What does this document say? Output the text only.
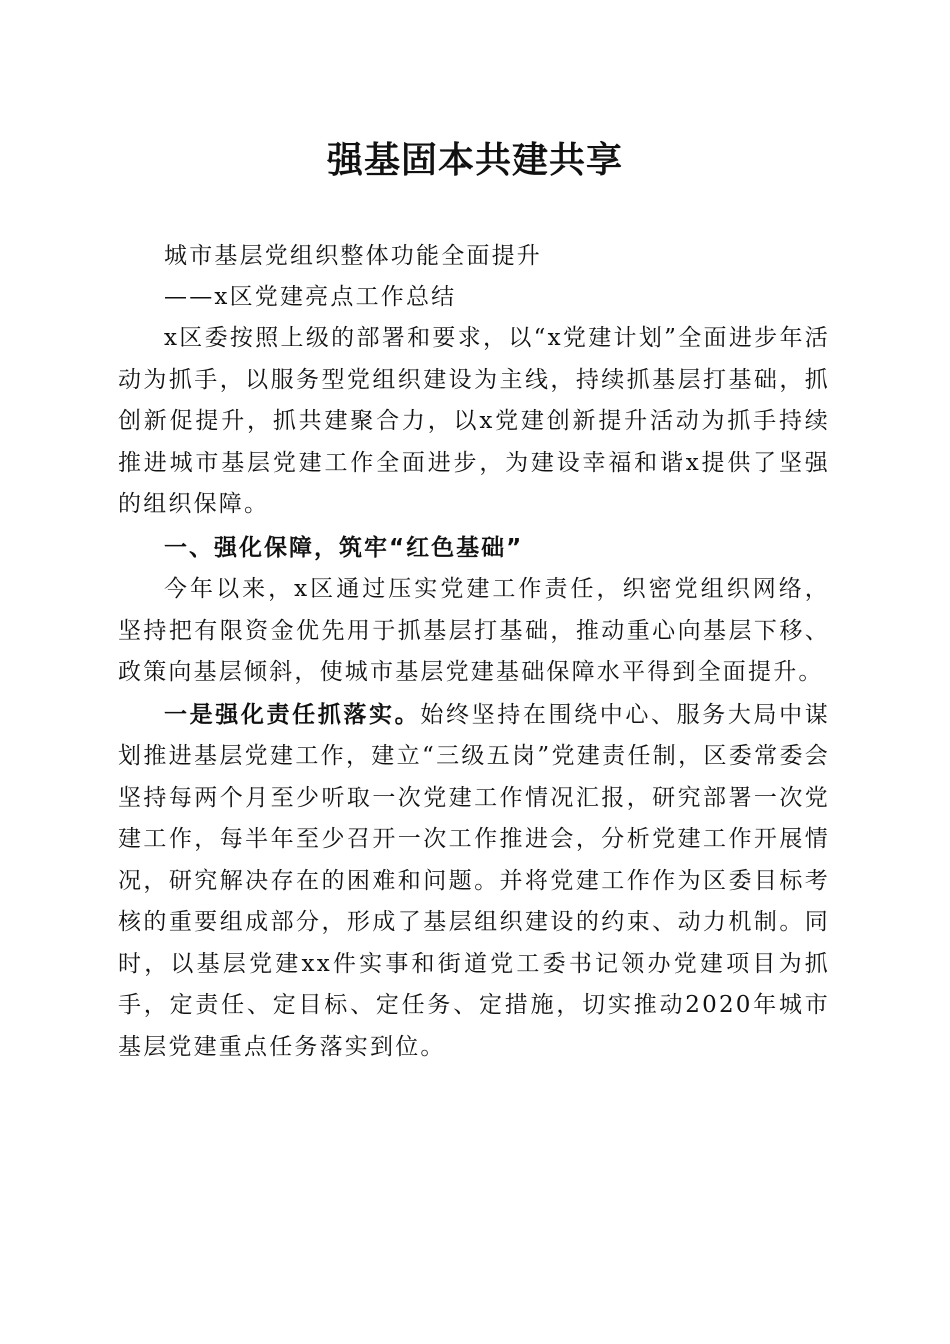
强基固本共建共享

城市基层党组织整体功能全面提升

——x区党建亮点工作总结

x区委按照上级的部署和要求，以“x党建计划”全面进步年活动为抓手，以服务型党组织建设为主线，持续抓基层打基础，抓创新促提升，抓共建聚合力，以x党建创新提升活动为抓手持续推进城市基层党建工作全面进步，为建设幸福和谐x提供了坚强的组织保障。

一、强化保障，筑牢“红色基础”

今年以来，x区通过压实党建工作责任，织密党组织网络，坚持把有限资金优先用于抓基层打基础，推动重心向基层下移、政策向基层倾斜，使城市基层党建基础保障水平得到全面提升。

一是强化责任抓落实。始终坚持在围绕中心、服务大局中谋划推进基层党建工作，建立“三级五岗”党建责任制，区委常委会坚持每两个月至少听取一次党建工作情况汇报，研究部署一次党建工作，每半年至少召开一次工作推进会，分析党建工作开展情况，研究解决存在的困难和问题。并将党建工作作为区委目标考核的重要组成部分，形成了基层组织建设的约束、动力机制。同时，以基层党建xx件实事和街道党工委书记领办党建项目为抓手，定责任、定目标、定任务、定措施，切实推动2020年城市基层党建重点任务落实到位。
